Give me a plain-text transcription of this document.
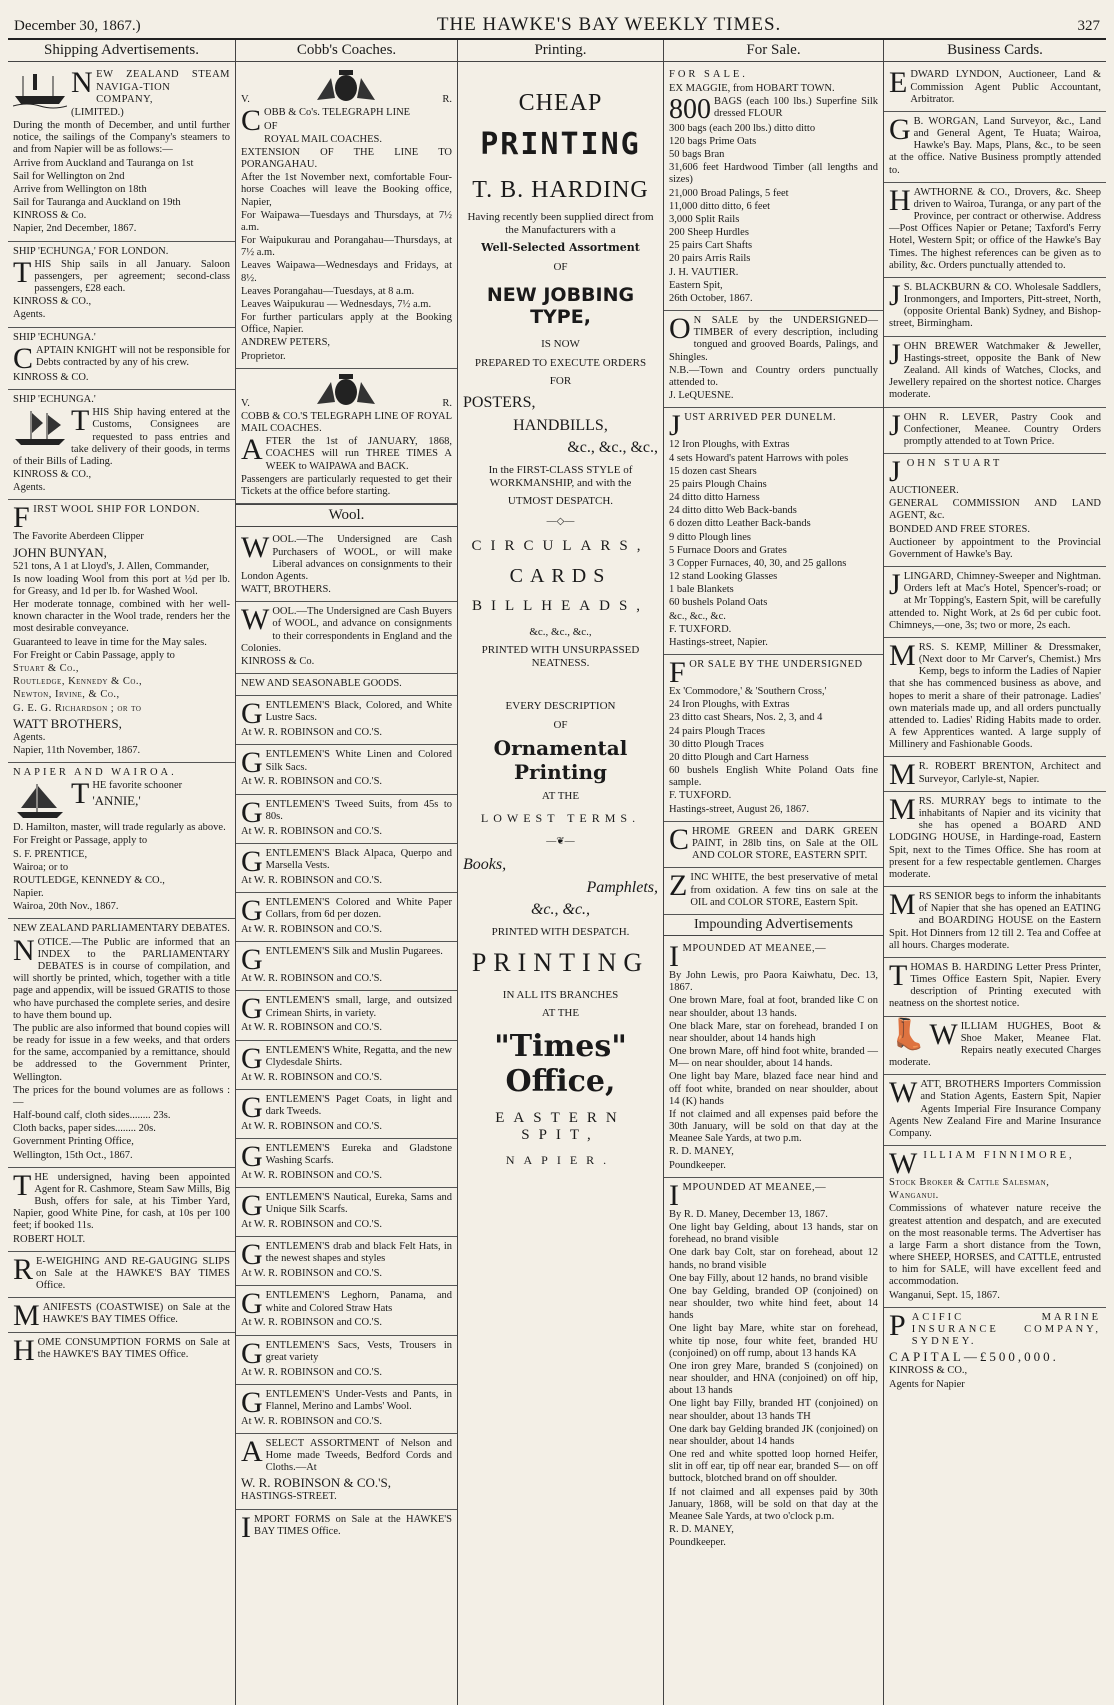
December 30, 1867.)	THE HAWKE'S BAY WEEKLY TIMES.	327
Shipping Advertisements.

NEW ZEALAND STEAM NAVIGA-TION COMPANY,

(LIMITED.)

During the month of December, and until further notice, the sailings of the Company's steamers to and from Napier will be as follows:—

Arrive from Auckland and Tauranga on 1st

Sail for Wellington on 2nd

Arrive from Wellington on 18th

Sail for Tauranga and Auckland on 19th

KINROSS & Co.

Napier, 2nd December, 1867.

SHIP 'ECHUNGA,' FOR LONDON.

THIS Ship sails in all January. Saloon passengers, per agreement; second-class passengers, £28 each.

KINROSS & CO.,

Agents.

SHIP 'ECHUNGA.'

CAPTAIN KNIGHT will not be responsible for Debts contracted by any of his crew.

KINROSS & CO.

SHIP 'ECHUNGA.'

THIS Ship having entered at the Customs, Consignees are requested to pass entries and take delivery of their goods, in terms of their Bills of Lading.

KINROSS & CO.,

Agents.

FIRST WOOL SHIP FOR LONDON.

The Favorite Aberdeen Clipper

JOHN BUNYAN,

521 tons, A 1 at Lloyd's, J. Allen, Commander,

Is now loading Wool from this port at ½d per lb. for Greasy, and 1d per lb. for Washed Wool.

Her moderate tonnage, combined with her well-known character in the Wool trade, renders her the most desirable conveyance.

Guaranteed to leave in time for the May sales.

For Freight or Cabin Passage, apply to

Stuart & Co.,

Routledge, Kennedy & Co.,

Newton, Irvine, & Co.,

G. E. G. Richardson ; or to

WATT BROTHERS,

Agents.

Napier, 11th November, 1867.

NAPIER AND WAIROA.

THE favorite schooner

'ANNIE,'

D. Hamilton, master, will trade regularly as above.

For Freight or Passage, apply to

S. F. PRENTICE,

Wairoa; or to

ROUTLEDGE, KENNEDY & CO.,

Napier.

Wairoa, 20th Nov., 1867.

NEW ZEALAND PARLIAMENTARY DEBATES.

NOTICE.—The Public are informed that an INDEX to the PARLIAMENTARY DEBATES is in course of compilation, and will shortly be printed, which, together with a title page and appendix, will be issued GRATIS to those who have purchased the complete series, and desire to have them bound up.

The public are also informed that bound copies will be ready for issue in a few weeks, and that orders for the same, accompanied by a remittance, should be addressed to the Government Printer, Wellington.

The prices for the bound volumes are as follows :—

Half-bound calf, cloth sides........ 23s.

Cloth backs, paper sides........ 20s.

Government Printing Office,

Wellington, 15th Oct., 1867.

THE undersigned, having been appointed Agent for R. Cashmore, Steam Saw Mills, Big Bush, offers for sale, at his Timber Yard, Napier, good White Pine, for cash, at 10s per 100 feet; if booked 11s.

ROBERT HOLT.

R E-WEIGHING AND RE-GAUGING SLIPS on Sale at the HAWKE'S BAY TIMES Office.

MANIFESTS (COASTWISE) on Sale at the HAWKE'S BAY TIMES Office.

HOME CONSUMPTION FORMS on Sale at the HAWKE'S BAY TIMES Office.

Cobb's Coaches.
V.	R.

COBB & Co's. TELEGRAPH LINE

OF

ROYAL MAIL COACHES.

EXTENSION OF THE LINE TO PORANGAHAU.

After the 1st November next, comfortable Four-horse Coaches will leave the Booking office, Napier,

For Waipawa—Tuesdays and Thursdays, at 7½ a.m.

For Waipukurau and Porangahau—Thursdays, at 7½ a.m.

Leaves Waipawa—Wednesdays and Fridays, at 8½.

Leaves Porangahau—Tuesdays, at 8 a.m.

Leaves Waipukurau — Wednesdays, 7½ a.m.

For further particulars apply at the Booking Office, Napier.

ANDREW PETERS,

Proprietor.

V.	R.

COBB & CO.'S TELEGRAPH LINE OF ROYAL MAIL COACHES.

AFTER the 1st of JANUARY, 1868, COACHES will run THREE TIMES A WEEK to WAIPAWA and BACK.

Passengers are particularly requested to get their Tickets at the office before starting.

Wool.

WOOL.—The Undersigned are Cash Purchasers of WOOL, or will make Liberal advances on consignments to their London Agents.

WATT, BROTHERS.

WOOL.—The Undersigned are Cash Buyers of WOOL, and advance on consignments to their correspondents in England and the Colonies.

KINROSS & Co.

NEW AND SEASONABLE GOODS.

GENTLEMEN'S Black, Colored, and White Lustre Sacs.

At W. R. ROBINSON and CO.'S.

GENTLEMEN'S White Linen and Colored Silk Sacs.

At W. R. ROBINSON and CO.'S.

GENTLEMEN'S Tweed Suits, from 45s to 80s.

At W. R. ROBINSON and CO.'S.

GENTLEMEN'S Black Alpaca, Querpo and Marsella Vests.

At W. R. ROBINSON and CO.'S.

GENTLEMEN'S Colored and White Paper Collars, from 6d per dozen.

At W. R. ROBINSON and CO.'S.

GENTLEMEN'S Silk and Muslin Pugarees.

At W. R. ROBINSON and CO.'S.

GENTLEMEN'S small, large, and outsized Crimean Shirts, in variety.

At W. R. ROBINSON and CO.'S.

GENTLEMEN'S White, Regatta, and the new Clydesdale Shirts.

At W. R. ROBINSON and CO.'S.

GENTLEMEN'S Paget Coats, in light and dark Tweeds.

At W. R. ROBINSON and CO.'S.

GENTLEMEN'S Eureka and Gladstone Washing Scarfs.

At W. R. ROBINSON and CO.'S.

GENTLEMEN'S Nautical, Eureka, Sams and Unique Silk Scarfs.

At W. R. ROBINSON and CO.'S.

GENTLEMEN'S drab and black Felt Hats, in the newest shapes and styles

At W. R. ROBINSON and CO.'S.

GENTLEMEN'S Leghorn, Panama, and white and Colored Straw Hats

At W. R. ROBINSON and CO.'S.

GENTLEMEN'S Sacs, Vests, Trousers in great variety

At W. R. ROBINSON and CO.'S.

GENTLEMEN'S Under-Vests and Pants, in Flannel, Merino and Lambs' Wool.

At W. R. ROBINSON and CO.'S.

ASELECT ASSORTMENT of Nelson and Home made Tweeds, Bedford Cords and Cloths.—At

W. R. ROBINSON & CO.'S,

HASTINGS-STREET.

IMPORT FORMS on Sale at the HAWKE'S BAY TIMES Office.

Printing.
CHEAP
PRINTING
T. B. HARDING
Having recently been supplied direct from the Manufacturers with a
Well-Selected Assortment
OF
NEW JOBBING TYPE,
IS NOW
PREPARED TO EXECUTE ORDERS
FOR
POSTERS,
HANDBILLS,
&c., &c., &c.,
In the FIRST-CLASS STYLE of WORKMANSHIP, and with the
UTMOST DESPATCH.
—◇—
CIRCULARS,
CARDS
BILLHEADS,
&c., &c., &c.,
PRINTED WITH UNSURPASSED NEATNESS.
EVERY DESCRIPTION
OF
Ornamental Printing
AT THE
LOWEST TERMS.
—❦—
Books,
Pamphlets,
&c., &c.,
PRINTED WITH DESPATCH.
PRINTING
IN ALL ITS BRANCHES
AT THE
"Times" Office,
EASTERN SPIT,
NAPIER.
For Sale.

FOR SALE.

EX MAGGIE, from HOBART TOWN.

800 BAGS (each 100 lbs.) Superfine Silk dressed FLOUR

300 bags (each 200 lbs.) ditto ditto

120 bags Prime Oats

50 bags Bran

31,606 feet Hardwood Timber (all lengths and sizes)

21,000 Broad Palings, 5 feet

11,000 ditto ditto, 6 feet

3,000 Split Rails

200 Sheep Hurdles

25 pairs Cart Shafts

20 pairs Arris Rails

J. H. VAUTIER.

Eastern Spit,

26th October, 1867.

O N SALE by the UNDERSIGNED—TIMBER of every description, including tongued and grooved Boards, Palings, and Shingles.

N.B.—Town and Country orders punctually attended to.

J. LeQUESNE.

JUST ARRIVED PER DUNELM.

12 Iron Ploughs, with Extras

4 sets Howard's patent Harrows with poles

15 dozen cast Shears

25 pairs Plough Chains

24 ditto ditto Harness

24 ditto ditto Web Back-bands

6 dozen ditto Leather Back-bands

9 ditto Plough lines

5 Furnace Doors and Grates

3 Copper Furnaces, 40, 30, and 25 gallons

12 stand Looking Glasses

1 bale Blankets

60 bushels Poland Oats

&c., &c., &c.

F. TUXFORD.

Hastings-street, Napier.

FOR SALE BY THE UNDERSIGNED

Ex 'Commodore,' & 'Southern Cross,'

24 Iron Ploughs, with Extras

23 ditto cast Shears, Nos. 2, 3, and 4

24 pairs Plough Traces

30 ditto Plough Traces

20 ditto Plough and Cart Harness

60 bushels English White Poland Oats fine sample.

F. TUXFORD.

Hastings-street, August 26, 1867.

CHROME GREEN and DARK GREEN PAINT, in 28lb tins, on Sale at the OIL AND COLOR STORE, EASTERN SPIT.

ZINC WHITE, the best preservative of metal from oxidation. A few tins on sale at the OIL and COLOR STORE, Eastern Spit.

Impounding Advertisements

IMPOUNDED AT MEANEE,—

By John Lewis, pro Paora Kaiwhatu, Dec. 13, 1867.

One brown Mare, foal at foot, branded like C on near shoulder, about 13 hands.

One black Mare, star on forehead, branded I on near shoulder, about 14 hands high

One brown Mare, off hind foot white, branded —M— on near shoulder, about 14 hands.

One light bay Mare, blazed face near hind and off foot white, branded on near shoulder, about 14 (K) hands

If not claimed and all expenses paid before the 30th January, will be sold on that day at the Meanee Sale Yards, at two p.m.

R. D. MANEY,

Poundkeeper.

IMPOUNDED AT MEANEE,—

By R. D. Maney, December 13, 1867.

One light bay Gelding, about 13 hands, star on forehead, no brand visible

One dark bay Colt, star on forehead, about 12 hands, no brand visible

One bay Filly, about 12 hands, no brand visible

One bay Gelding, branded OP (conjoined) on near shoulder, two white hind feet, about 14 hands

One light bay Mare, white star on forehead, white tip nose, four white feet, branded HU (conjoined) on off rump, about 13 hands KA

One iron grey Mare, branded S (conjoined) on near shoulder, and HNA (conjoined) on off hip, about 13 hands

One light bay Filly, branded HT (conjoined) on near shoulder, about 13 hands TH

One dark bay Gelding branded JK (conjoined) on near shoulder, about 14 hands

One red and white spotted loop horned Heifer, slit in off ear, tip off near ear, branded S— on off buttock, blotched brand on off shoulder.

If not claimed and all expenses paid by 30th January, 1868, will be sold on that day at the Meanee Sale Yards, at two o'clock p.m.

R. D. MANEY,

Poundkeeper.

Business Cards.

EDWARD LYNDON, Auctioneer, Land & Commission Agent Public Accountant, Arbitrator.

G B. WORGAN, Land Surveyor, &c., Land and General Agent, Te Huata; Wairoa, Hawke's Bay. Maps, Plans, &c., to be seen at the office. Native Business promptly attended to.

HAWTHORNE & CO., Drovers, &c. Sheep driven to Wairoa, Turanga, or any part of the Province, per contract or otherwise. Address—Post Offices Napier or Petane; Taxford's Ferry Hotel, Western Spit; or office of the Hawke's Bay Times. The highest references can be given as to ability, &c. Orders punctually attended to.

J S. BLACKBURN & CO. Wholesale Saddlers, Ironmongers, and Importers, Pitt-street, North, (opposite Oriental Bank) Sydney, and Bishop-street, Birmingham.

JOHN BREWER Watchmaker & Jeweller, Hastings-street, opposite the Bank of New Zealand. All kinds of Watches, Clocks, and Jewellery repaired on the shortest notice. Charges moderate.

JOHN R. LEVER, Pastry Cook and Confectioner, Meanee. Country Orders promptly attended to at Town Price.

JOHN STUART

AUCTIONEER.

GENERAL COMMISSION AND LAND AGENT, &c.

BONDED AND FREE STORES.

Auctioneer by appointment to the Provincial Government of Hawke's Bay.

JLINGARD, Chimney-Sweeper and Nightman. Orders left at Mac's Hotel, Spencer's-road; or at Mr Topping's, Eastern Spit, will be carefully attended to. Night Work, at 2s 6d per cubic foot. Chimneys,—one, 3s; two or more, 2s each.

MRS. S. KEMP, Milliner & Dressmaker, (Next door to Mr Carver's, Chemist.) Mrs Kemp, begs to inform the Ladies of Napier that she has commenced business as above, and hopes to merit a share of their patronage. Ladies' own materials made up, and all orders punctually attended to. Ladies' Riding Habits made to order. A few Apprentices wanted. A large supply of Millinery and Fashionable Goods.

M R. ROBERT BRENTON, Architect and Surveyor, Carlyle-st, Napier.

MRS. MURRAY begs to intimate to the inhabitants of Napier and its vicinity that she has opened a BOARD AND LODGING HOUSE, in Hardinge-road, Eastern Spit, next to the Times Office. She has room at present for a few respectable gentlemen. Charges moderate.

MRS SENIOR begs to inform the inhabitants of Napier that she has opened an EATING and BOARDING HOUSE on the Eastern Spit. Hot Dinners from 12 till 2. Tea and Coffee at all hours. Charges moderate.

THOMAS B. HARDING Letter Press Printer, Times Office Eastern Spit, Napier. Every description of Printing executed with neatness on the shortest notice.

👢 W ILLIAM HUGHES, Boot & Shoe Maker, Meanee Flat. Repairs neatly executed Charges moderate.

WATT, BROTHERS Importers Commission and Station Agents, Eastern Spit, Napier Agents Imperial Fire Insurance Company Agents New Zealand Fire and Marine Insurance Company.

WILLIAM FINNIMORE,

Stock Broker & Cattle Salesman,

Wanganui.

Commissions of whatever nature receive the greatest attention and despatch, and are executed on the most reasonable terms. The Advertiser has a large Farm a short distance from the Town, where SHEEP, HORSES, and CATTLE, entrusted to him for SALE, will have excellent feed and accommodation.

Wanganui, Sept. 15, 1867.

PACIFIC MARINE INSURANCE COMPANY, SYDNEY.

CAPITAL—£500,000.

KINROSS & CO.,

Agents for Napier
